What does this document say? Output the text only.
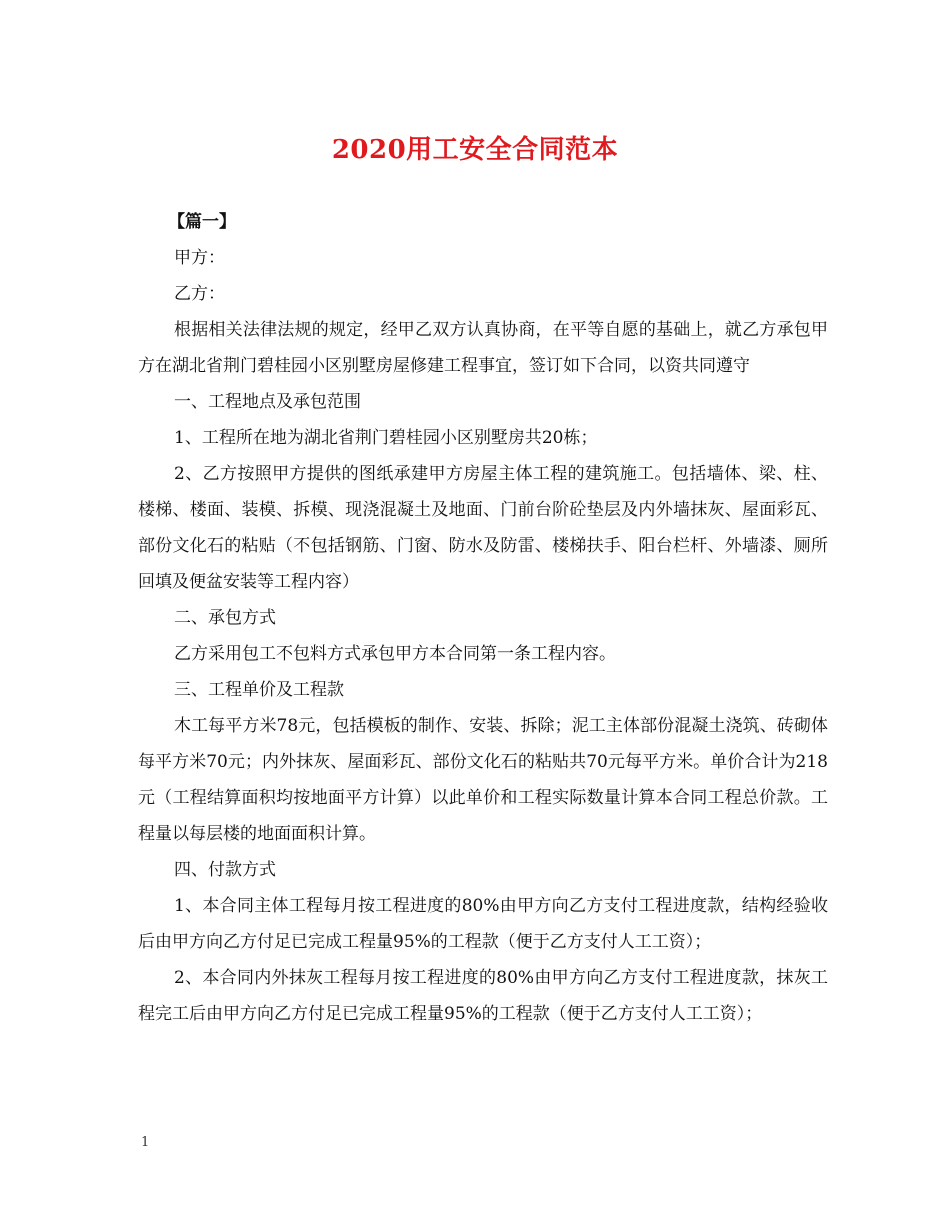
2020用工安全合同范本

【篇一】

甲方：

乙方：

根据相关法律法规的规定，经甲乙双方认真协商，在平等自愿的基础上，就乙方承包甲方在湖北省荆门碧桂园小区别墅房屋修建工程事宜，签订如下合同，以资共同遵守

一、工程地点及承包范围

1、工程所在地为湖北省荆门碧桂园小区别墅房共20栋；

2、乙方按照甲方提供的图纸承建甲方房屋主体工程的建筑施工。包括墙体、梁、柱、楼梯、楼面、装模、拆模、现浇混凝土及地面、门前台阶砼垫层及内外墙抹灰、屋面彩瓦、部份文化石的粘贴（不包括钢筋、门窗、防水及防雷、楼梯扶手、阳台栏杆、外墙漆、厕所回填及便盆安装等工程内容）

二、承包方式

乙方采用包工不包料方式承包甲方本合同第一条工程内容。

三、工程单价及工程款

木工每平方米78元，包括模板的制作、安装、拆除；泥工主体部份混凝土浇筑、砖砌体每平方米70元；内外抹灰、屋面彩瓦、部份文化石的粘贴共70元每平方米。单价合计为218元（工程结算面积均按地面平方计算）以此单价和工程实际数量计算本合同工程总价款。工程量以每层楼的地面面积计算。

四、付款方式

1、本合同主体工程每月按工程进度的80%由甲方向乙方支付工程进度款，结构经验收后由甲方向乙方付足已完成工程量95%的工程款（便于乙方支付人工工资）；

2、本合同内外抹灰工程每月按工程进度的80%由甲方向乙方支付工程进度款，抹灰工程完工后由甲方向乙方付足已完成工程量95%的工程款（便于乙方支付人工工资）；

1
